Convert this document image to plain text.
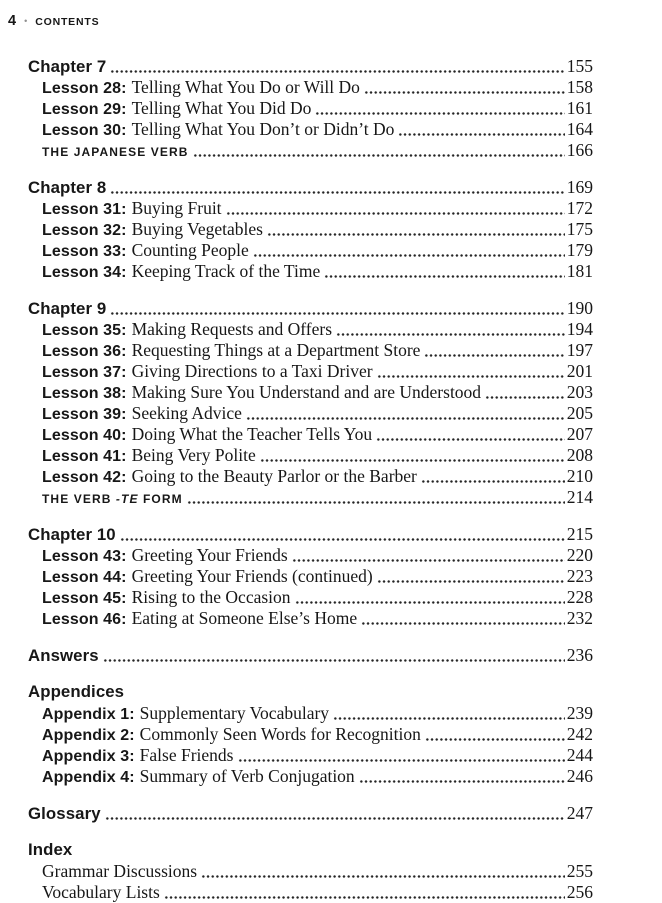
4 • CONTENTS
Chapter 7	155
Lesson 28: Telling What You Do or Will Do	158
Lesson 29: Telling What You Did Do	161
Lesson 30: Telling What You Don’t or Didn’t Do	164
THE JAPANESE VERB	166
Chapter 8	169
Lesson 31: Buying Fruit	172
Lesson 32: Buying Vegetables	175
Lesson 33: Counting People	179
Lesson 34: Keeping Track of the Time	181
Chapter 9	190
Lesson 35: Making Requests and Offers	194
Lesson 36: Requesting Things at a Department Store	197
Lesson 37: Giving Directions to a Taxi Driver	201
Lesson 38: Making Sure You Understand and are Understood	203
Lesson 39: Seeking Advice	205
Lesson 40: Doing What the Teacher Tells You	207
Lesson 41: Being Very Polite	208
Lesson 42: Going to the Beauty Parlor or the Barber	210
THE VERB -TE FORM	214
Chapter 10	215
Lesson 43: Greeting Your Friends	220
Lesson 44: Greeting Your Friends (continued)	223
Lesson 45: Rising to the Occasion	228
Lesson 46: Eating at Someone Else’s Home	232
Answers	236
Appendices
Appendix 1: Supplementary Vocabulary	239
Appendix 2: Commonly Seen Words for Recognition	242
Appendix 3: False Friends	244
Appendix 4: Summary of Verb Conjugation	246
Glossary	247
Index
Grammar Discussions	255
Vocabulary Lists	256
